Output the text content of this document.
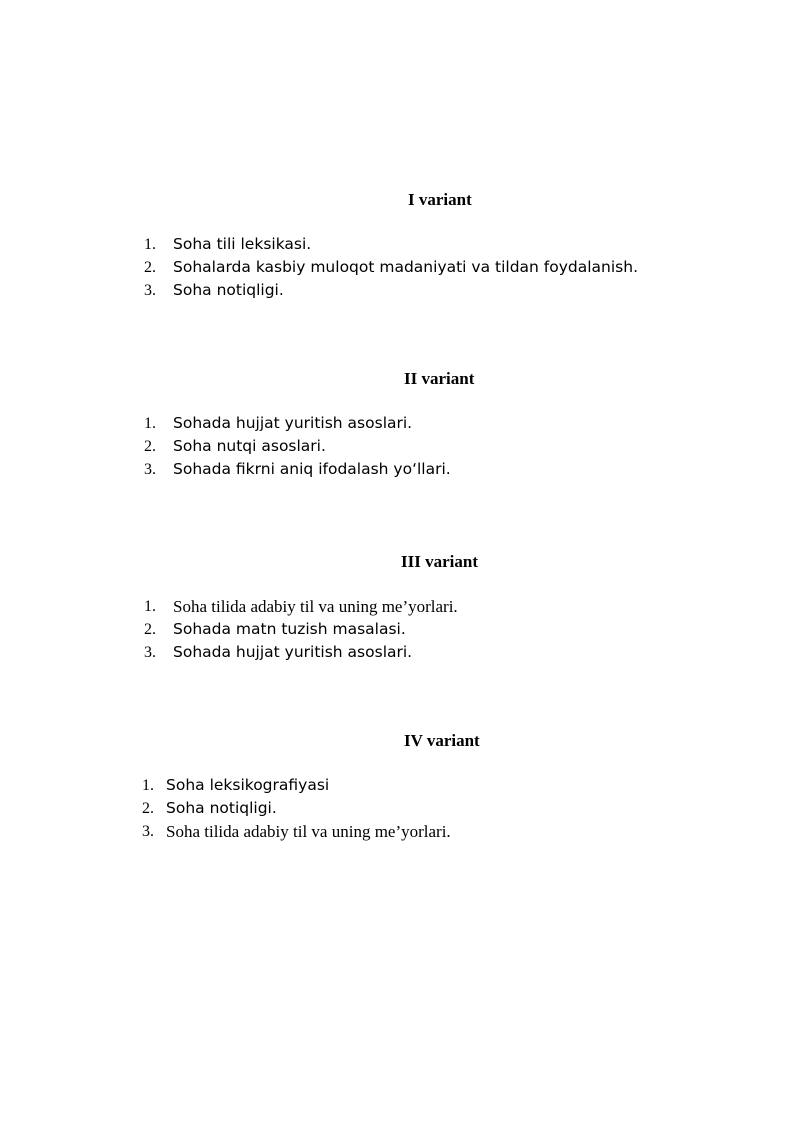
I variant
1. Soha tili leksikasi.
2. Sohalarda kasbiy muloqot madaniyati va tildan foydalanish.
3. Soha notiqligi.
II variant
1. Sohada hujjat yuritish asoslari.
2. Soha nutqi asoslari.
3. Sohada fikrni aniq ifodalash yo‘llari.
III variant
1. Soha tilida adabiy til va uning me’yorlari.
2. Sohada matn tuzish masalasi.
3. Sohada hujjat yuritish asoslari.
IV variant
1. Soha leksikografiyasi
2. Soha notiqligi.
3. Soha tilida adabiy til va uning me’yorlari.
